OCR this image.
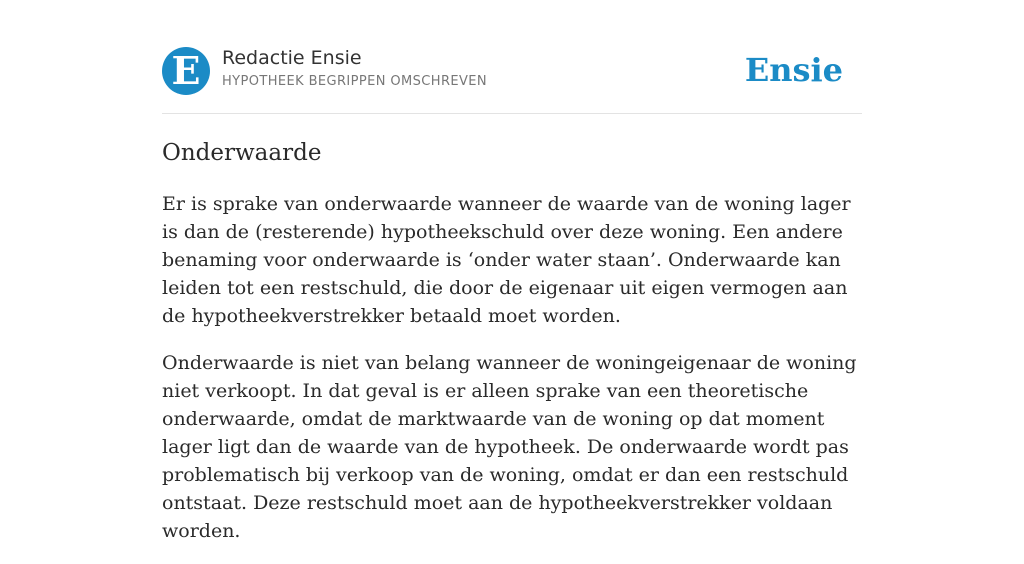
E	Redactie Ensie
HYPOTHEEK BEGRIPPEN OMSCHREVEN	Ensie
Onderwaarde

Er is sprake van onderwaarde wanneer de waarde van de woning lager is dan de (resterende) hypotheekschuld over deze woning. Een andere benaming voor onderwaarde is ‘onder water staan’. Onderwaarde kan leiden tot een restschuld, die door de eigenaar uit eigen vermogen aan de hypotheekverstrekker betaald moet worden.

Onderwaarde is niet van belang wanneer de woningeigenaar de woning niet verkoopt. In dat geval is er alleen sprake van een theoretische onderwaarde, omdat de marktwaarde van de woning op dat moment lager ligt dan de waarde van de hypotheek. De onderwaarde wordt pas problematisch bij verkoop van de woning, omdat er dan een restschuld ontstaat. Deze restschuld moet aan de hypotheekverstrekker voldaan worden.
